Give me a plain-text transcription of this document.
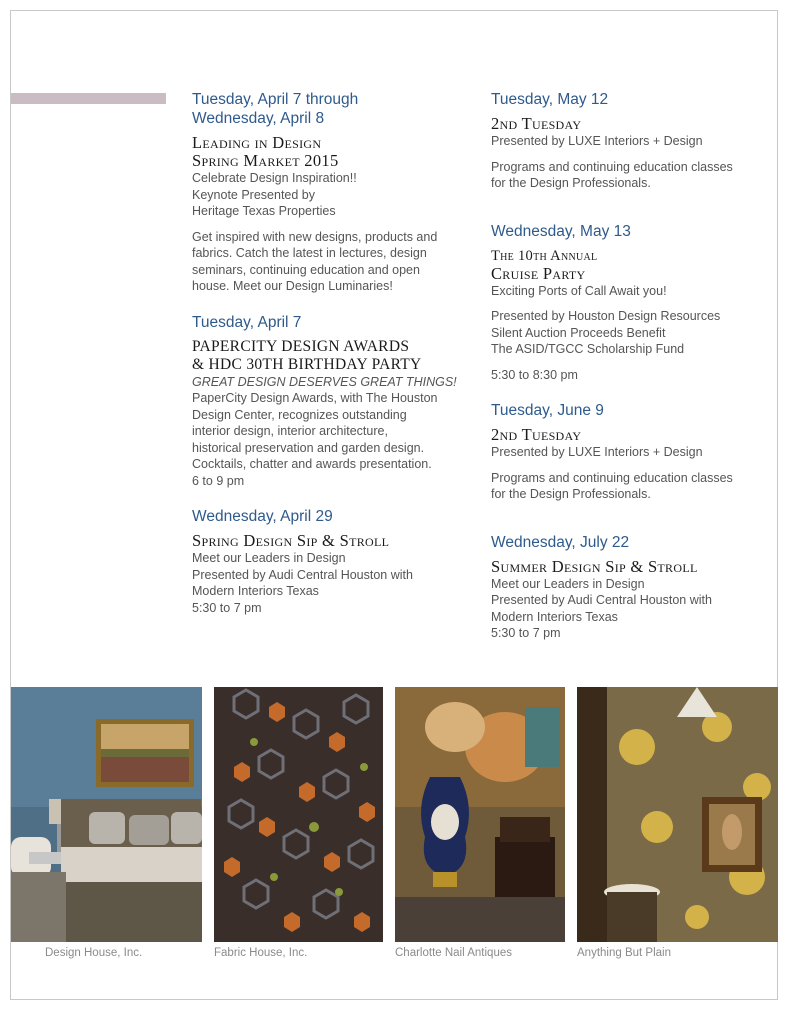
Tuesday, April 7 through
Wednesday, April 8
Leading in Design
Spring Market 2015
Celebrate Design Inspiration!!
Keynote Presented by
Heritage Texas Properties
Get inspired with new designs, products and
fabrics. Catch the latest in lectures, design
seminars, continuing education and open
house. Meet our Design Luminaries!
Tuesday, April 7
PAPERCITY DESIGN AWARDS
& HDC 30TH BIRTHDAY PARTY
GREAT DESIGN DESERVES GREAT THINGS!
PaperCity Design Awards, with The Houston
Design Center, recognizes outstanding
interior design, interior architecture,
historical preservation and garden design.
Cocktails, chatter and awards presentation.
6 to 9 pm
Wednesday, April 29
Spring Design Sip & Stroll
Meet our Leaders in Design
Presented by Audi Central Houston with
Modern Interiors Texas
5:30 to 7 pm
Tuesday, May 12
2nd Tuesday
Presented by LUXE Interiors + Design
Programs and continuing education classes
for the Design Professionals.
Wednesday, May 13
The 10th Annual
Cruise Party
Exciting Ports of Call Await you!
Presented by Houston Design Resources
Silent Auction Proceeds Benefit
The ASID/TGCC Scholarship Fund
5:30 to 8:30 pm
Tuesday, June 9
2nd Tuesday
Presented by LUXE Interiors + Design
Programs and continuing education classes
for the Design Professionals.
Wednesday, July 22
Summer Design Sip & Stroll
Meet our Leaders in Design
Presented by Audi Central Houston with
Modern Interiors Texas
5:30 to 7 pm
Design House, Inc.	Fabric House, Inc.	Charlotte Nail Antiques	Anything But Plain
